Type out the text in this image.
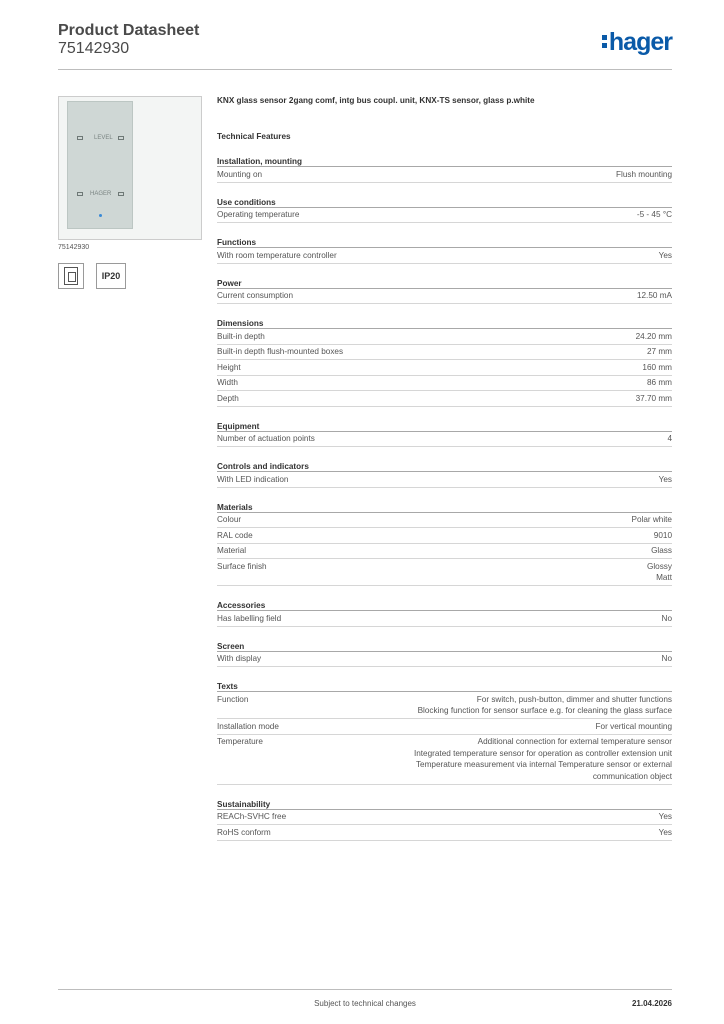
Product Datasheet
75142930	hager
LEVEL
HAGER
75142930
IP20
KNX glass sensor 2gang comf, intg bus coupl. unit, KNX-TS sensor, glass p.white
Technical Features
Installation, mounting
Mounting on	Flush mounting
Use conditions
Operating temperature	-5 - 45 °C
Functions
With room temperature controller	Yes
Power
Current consumption	12.50 mA
Dimensions
Built-in depth	24.20 mm
Built-in depth flush-mounted boxes	27 mm
Height	160 mm
Width	86 mm
Depth	37.70 mm
Equipment
Number of actuation points	4
Controls and indicators
With LED indication	Yes
Materials
Colour	Polar white
RAL code	9010
Material	Glass
Surface finish	Glossy
Matt
Accessories
Has labelling field	No
Screen
With display	No
Texts
Function	For switch, push-button, dimmer and shutter functions
Blocking function for sensor surface e.g. for cleaning the glass surface
Installation mode	For vertical mounting
Temperature	Additional connection for external temperature sensor
Integrated temperature sensor for operation as controller extension unit
Temperature measurement via internal Temperature sensor or external communication object
Sustainability
REACh-SVHC free	Yes
RoHS conform	Yes
Subject to technical changes	21.04.2026
